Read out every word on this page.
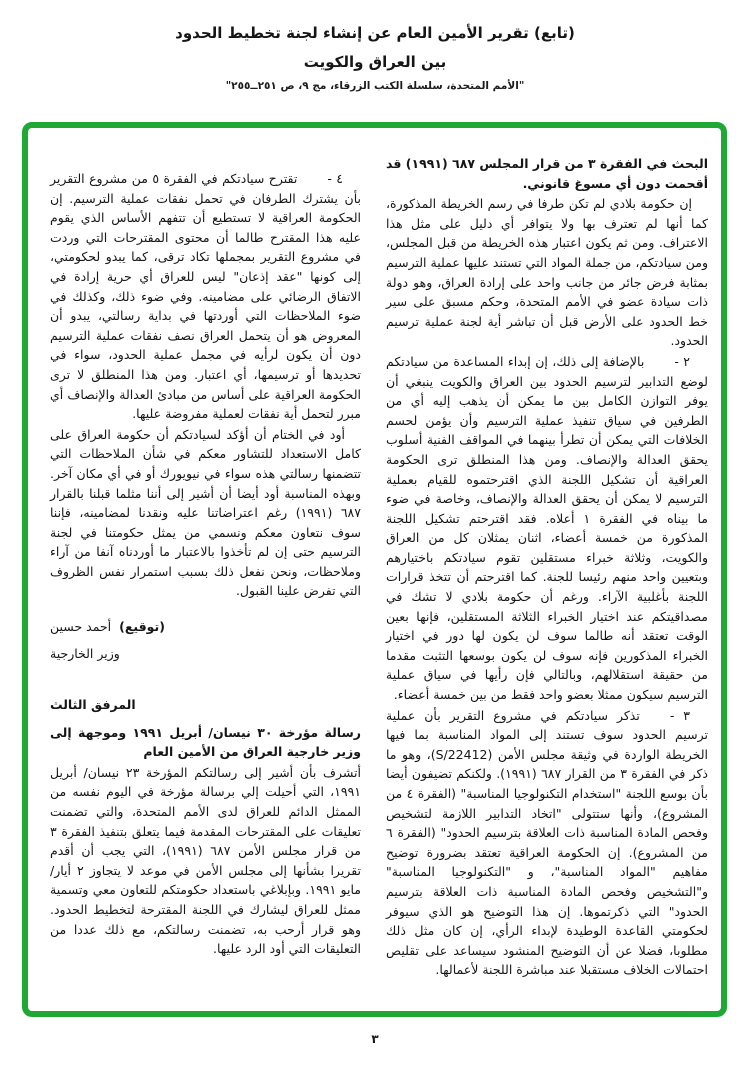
(تابع) تقرير الأمين العام عن إنشاء لجنة تخطيط الحدود
بين العراق والكويت
"الأمم المتحدة، سلسلة الكتب الزرقاء، مج ٩، ص ٢٥١ــ٢٥٥"

البحث في الفقرة ٣ من قرار المجلس ٦٨٧ (١٩٩١) قد أقحمت دون أي مسوغ قانوني.

إن حكومة بلادي لم تكن طرفا في رسم الخريطة المذكورة، كما أنها لم تعترف بها ولا يتوافر أي دليل على مثل هذا الاعتراف. ومن ثم يكون اعتبار هذه الخريطة من قبل المجلس، ومن سيادتكم، من جملة المواد التي تستند عليها عملية الترسيم بمثابة فرض جائر من جانب واحد على إرادة العراق، وهو دولة ذات سيادة عضو في الأمم المتحدة، وحكم مسبق على سير خط الحدود على الأرض قبل أن تباشر أية لجنة عملية ترسيم الحدود.

٢ -بالإضافة إلى ذلك، إن إبداء المساعدة من سيادتكم لوضع التدابير لترسيم الحدود بين العراق والكويت ينبغي أن يوفر التوازن الكامل بين ما يمكن أن يذهب إليه أي من الطرفين في سياق تنفيذ عملية الترسيم وأن يؤمن لحسم الخلافات التي يمكن أن تطرأ بينهما في المواقف الفنية أسلوب يحقق العدالة والإنصاف. ومن هذا المنطلق ترى الحكومة العراقية أن تشكيل اللجنة الذي اقترحتموه للقيام بعملية الترسيم لا يمكن أن يحقق العدالة والإنصاف، وخاصة في ضوء ما بيناه في الفقرة ١ أعلاه. فقد اقترحتم تشكيل اللجنة المذكورة من خمسة أعضاء، اثنان يمثلان كل من العراق والكويت، وثلاثة خبراء مستقلين تقوم سيادتكم باختيارهم وبتعيين واحد منهم رئيسا للجنة. كما اقترحتم أن تتخذ قرارات اللجنة بأغلبية الآراء. ورغم أن حكومة بلادي لا تشك في مصداقيتكم عند اختيار الخبراء الثلاثة المستقلين، فإنها بعين الوقت تعتقد أنه طالما سوف لن يكون لها دور في اختيار الخبراء المذكورين فإنه سوف لن يكون بوسعها التثبت مقدما من حقيقة استقلالهم، وبالتالي فإن رأيها في سياق عملية الترسيم سيكون ممثلا بعضو واحد فقط من بين خمسة أعضاء.

٣ -تذكر سيادتكم في مشروع التقرير بأن عملية ترسيم الحدود سوف تستند إلى المواد المناسبة بما فيها الخريطة الواردة في وثيقة مجلس الأمن (S/22412)، وهو ما ذكر في الفقرة ٣ من القرار ٦٨٧ (١٩٩١). ولكنكم تضيفون أيضا بأن بوسع اللجنة "استخدام التكنولوجيا المناسبة" (الفقرة ٤ من المشروع)، وأنها ستتولى "اتخاد التدابير اللازمة لتشخيص وفحص المادة المناسبة ذات العلاقة بترسيم الحدود" (الفقرة ٦ من المشروع). إن الحكومة العراقية تعتقد بضرورة توضيح مفاهيم "المواد المناسبة"، و "التكنولوجيا المناسبة" و"التشخيص وفحص المادة المناسبة ذات العلاقة بترسيم الحدود" التي ذكرتموها. إن هذا التوضيح هو الذي سيوفر لحكومتي القاعدة الوطيدة لإبداء الرأي، إن كان مثل ذلك مطلوبا، فضلا عن أن التوضيح المنشود سيساعد على تقليص احتمالات الخلاف مستقبلا عند مباشرة اللجنة لأعمالها.

٤ -تقترح سيادتكم في الفقرة ٥ من مشروع التقرير بأن يشترك الطرفان في تحمل نفقات عملية الترسيم. إن الحكومة العراقية لا تستطيع أن تتفهم الأساس الذي يقوم عليه هذا المقترح طالما أن محتوى المقترحات التي وردت في مشروع التقرير بمجملها تكاد ترقى، كما يبدو لحكومتي، إلى كونها "عقد إذعان" ليس للعراق أي حرية إرادة في الاتفاق الرضائي على مضامينه. وفي ضوء ذلك، وكذلك في ضوء الملاحظات التي أوردتها في بداية رسالتي، يبدو أن المعروض هو أن يتحمل العراق نصف نفقات عملية الترسيم دون أن يكون لرأيه في مجمل عملية الحدود، سواء في تحديدها أو ترسيمها، أي اعتبار. ومن هذا المنطلق لا ترى الحكومة العراقية على أساس من مبادئ العدالة والإنصاف أي مبرر لتحمل أية نفقات لعملية مفروضة عليها.

أود في الختام أن أؤكد لسيادتكم أن حكومة العراق على كامل الاستعداد للتشاور معكم في شأن الملاحظات التي تتضمنها رسالتي هذه سواء في نيويورك أو في أي مكان آخر. وبهذه المناسبة أود أيضا أن أشير إلى أننا مثلما قبلنا بالقرار ٦٨٧ (١٩٩١) رغم اعتراضاتنا عليه ونقدنا لمضامينه، فإننا سوف نتعاون معكم ونسمي من يمثل حكومتنا في لجنة الترسيم حتى إن لم تأخذوا بالاعتبار ما أوردناه آنفا من آراء وملاحظات، ونحن نفعل ذلك بسبب استمرار نفس الظروف التي تفرض علينا القبول.

(توقيع) أحمد حسين
وزير الخارجية

المرفق الثالث

رسالة مؤرخة ٣٠ نيسان/ أبريل ١٩٩١ وموجهة إلى وزير خارجية العراق من الأمين العام

أتشرف بأن أشير إلى رسالتكم المؤرخة ٢٣ نيسان/ أبريل ١٩٩١، التي أحيلت إلي برسالة مؤرخة في اليوم نفسه من الممثل الدائم للعراق لدى الأمم المتحدة، والتي تضمنت تعليقات على المقترحات المقدمة فيما يتعلق بتنفيذ الفقرة ٣ من قرار مجلس الأمن ٦٨٧ (١٩٩١)، التي يجب أن أقدم تقريرا بشأنها إلى مجلس الأمن في موعد لا يتجاوز ٢ أيار/ مايو ١٩٩١. وبإبلاغي باستعداد حكومتكم للتعاون معي وتسمية ممثل للعراق ليشارك في اللجنة المقترحة لتخطيط الحدود. وهو قرار أرحب به، تضمنت رسالتكم، مع ذلك عددا من التعليقات التي أود الرد عليها.

٣
